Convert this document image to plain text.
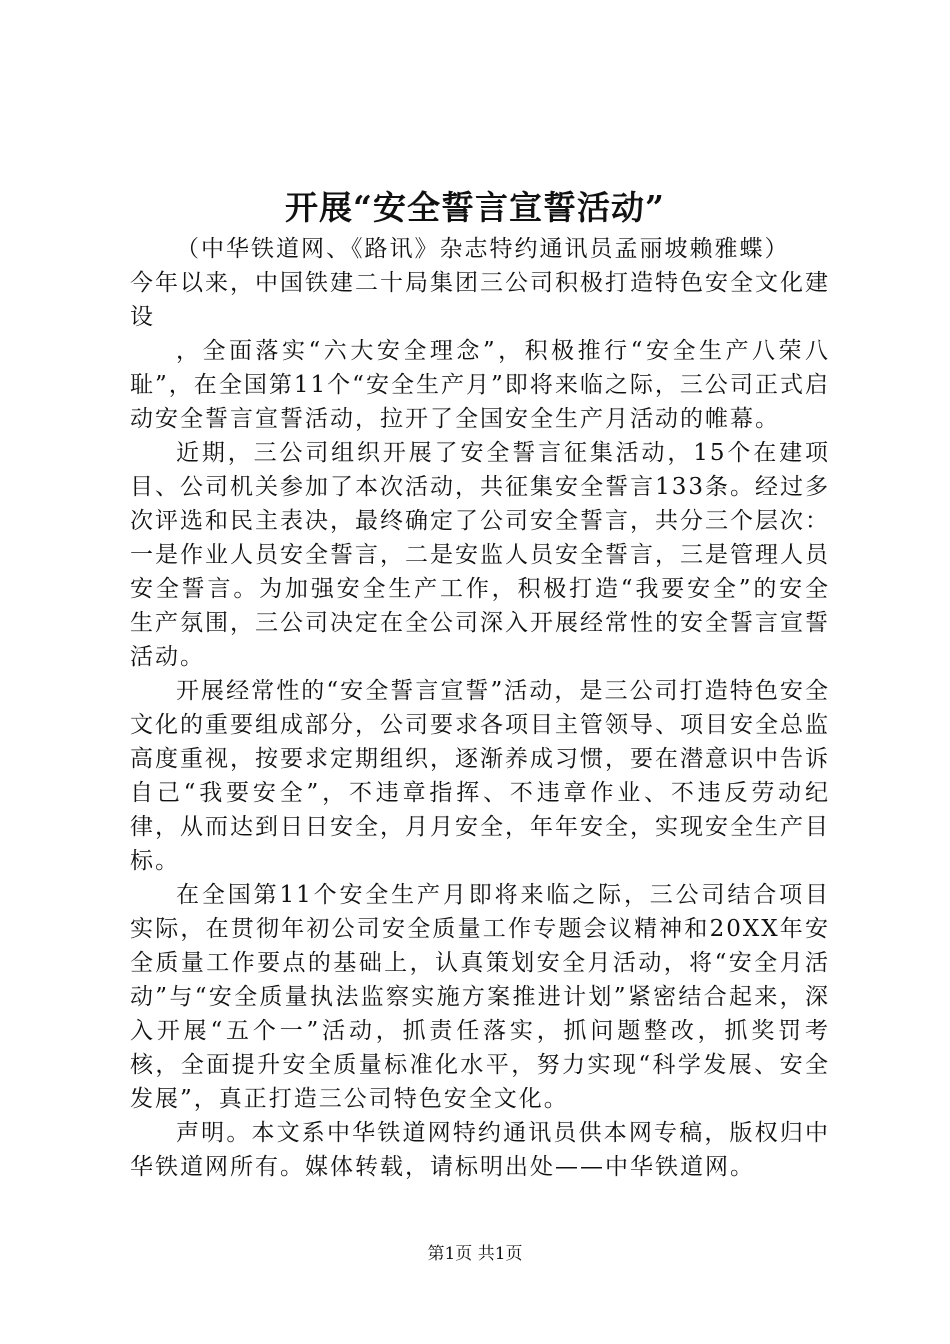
开展“安全誓言宣誓活动”

（中华铁道网、《路讯》杂志特约通讯员孟丽坡赖雅蝶）

今年以来，中国铁建二十局集团三公司积极打造特色安全文化建设

，全面落实“六大安全理念”，积极推行“安全生产八荣八耻”，在全国第11个“安全生产月”即将来临之际，三公司正式启动安全誓言宣誓活动，拉开了全国安全生产月活动的帷幕。

近期，三公司组织开展了安全誓言征集活动，15个在建项目、公司机关参加了本次活动，共征集安全誓言133条。经过多次评选和民主表决，最终确定了公司安全誓言，共分三个层次：一是作业人员安全誓言，二是安监人员安全誓言，三是管理人员安全誓言。为加强安全生产工作，积极打造“我要安全”的安全生产氛围，三公司决定在全公司深入开展经常性的安全誓言宣誓活动。

开展经常性的“安全誓言宣誓”活动，是三公司打造特色安全文化的重要组成部分，公司要求各项目主管领导、项目安全总监高度重视，按要求定期组织，逐渐养成习惯，要在潜意识中告诉自己“我要安全”，不违章指挥、不违章作业、不违反劳动纪律，从而达到日日安全，月月安全，年年安全，实现安全生产目标。

在全国第11个安全生产月即将来临之际，三公司结合项目实际，在贯彻年初公司安全质量工作专题会议精神和20XX年安全质量工作要点的基础上，认真策划安全月活动，将“安全月活动”与“安全质量执法监察实施方案推进计划”紧密结合起来，深入开展“五个一”活动，抓责任落实，抓问题整改，抓奖罚考核，全面提升安全质量标准化水平，努力实现“科学发展、安全发展”，真正打造三公司特色安全文化。

声明。本文系中华铁道网特约通讯员供本网专稿，版权归中华铁道网所有。媒体转载，请标明出处——中华铁道网。

第1页 共1页
